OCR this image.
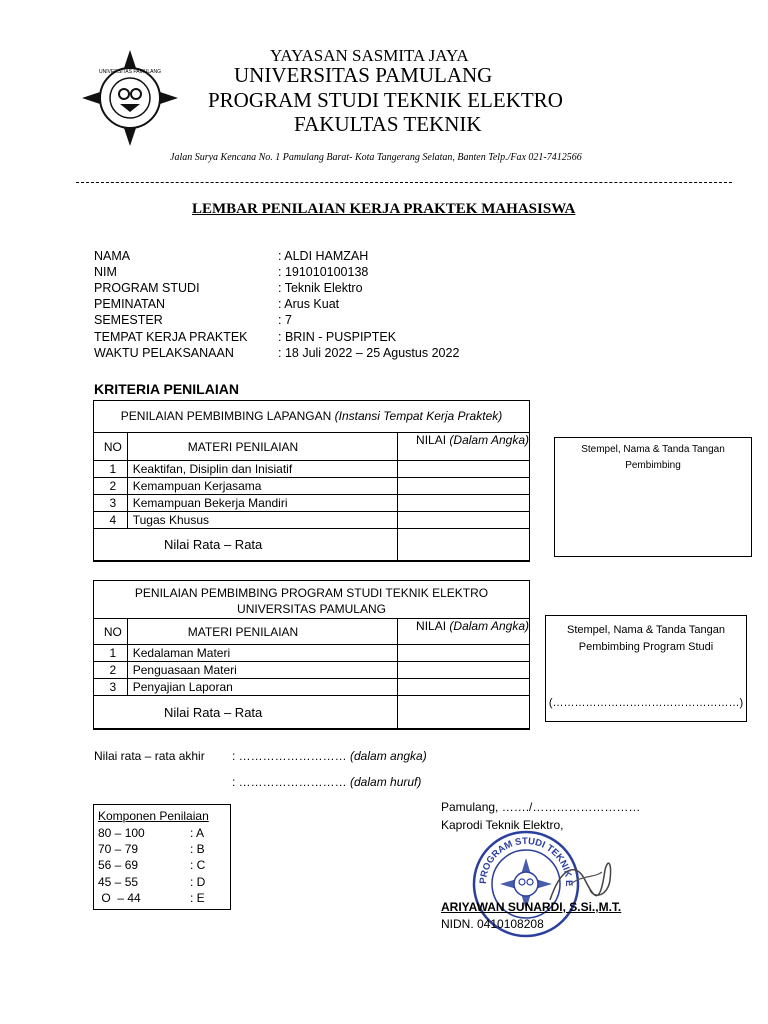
UNIVERSITAS PAMULANG
YAYASAN SASMITA JAYA
UNIVERSITAS PAMULANG
PROGRAM STUDI TEKNIK ELEKTRO
FAKULTAS TEKNIK
Jalan Surya Kencana No. 1 Pamulang Barat- Kota Tangerang Selatan, Banten Telp./Fax 021-7412566
LEMBAR PENILAIAN KERJA PRAKTEK MAHASISWA
NAMA	: ALDI HAMZAH
NIM	: 191010100138
PROGRAM STUDI	: Teknik Elektro
PEMINATAN	: Arus Kuat
SEMESTER	: 7
TEMPAT KERJA PRAKTEK : BRIN - PUSPIPTEK
WAKTU PELAKSANAAN	: 18 Juli 2022 – 25 Agustus 2022
KRITERIA PENILAIAN
PENILAIAN PEMBIMBING LAPANGAN (Instansi Tempat Kerja Praktek)
NO	MATERI PENILAIAN	NILAI (Dalam Angka)
1	Keaktifan, Disiplin dan Inisiatif	
2	Kemampuan Kerjasama	
3	Kemampuan Bekerja Mandiri	
4	Tugas Khusus	
Nilai Rata – Rata		
Stempel, Nama & Tanda Tangan
Pembimbing
PENILAIAN PEMBIMBING PROGRAM STUDI TEKNIK ELEKTRO
UNIVERSITAS PAMULANG
NO	MATERI PENILAIAN	NILAI (Dalam Angka)
1	Kedalaman Materi	
2	Penguasaan Materi	
3	Penyajian Laporan	
Nilai Rata – Rata		
Stempel, Nama & Tanda Tangan
Pembimbing Program Studi
(……………………………………………)
Nilai rata – rata akhir : ……………………… (dalam angka)
: ……………………… (dalam huruf)
Komponen Penilaian
80 – 100	: A
70 – 79	: B
56 – 69	: C
45 – 55	: D
O  – 44	: E
Pamulang, ……./………………………
Kaprodi Teknik Elektro,
PROGRAM STUDI TEKNIK E
ARIYAWAN SUNARDI, S.Si.,M.T.
NIDN. 0410108208
